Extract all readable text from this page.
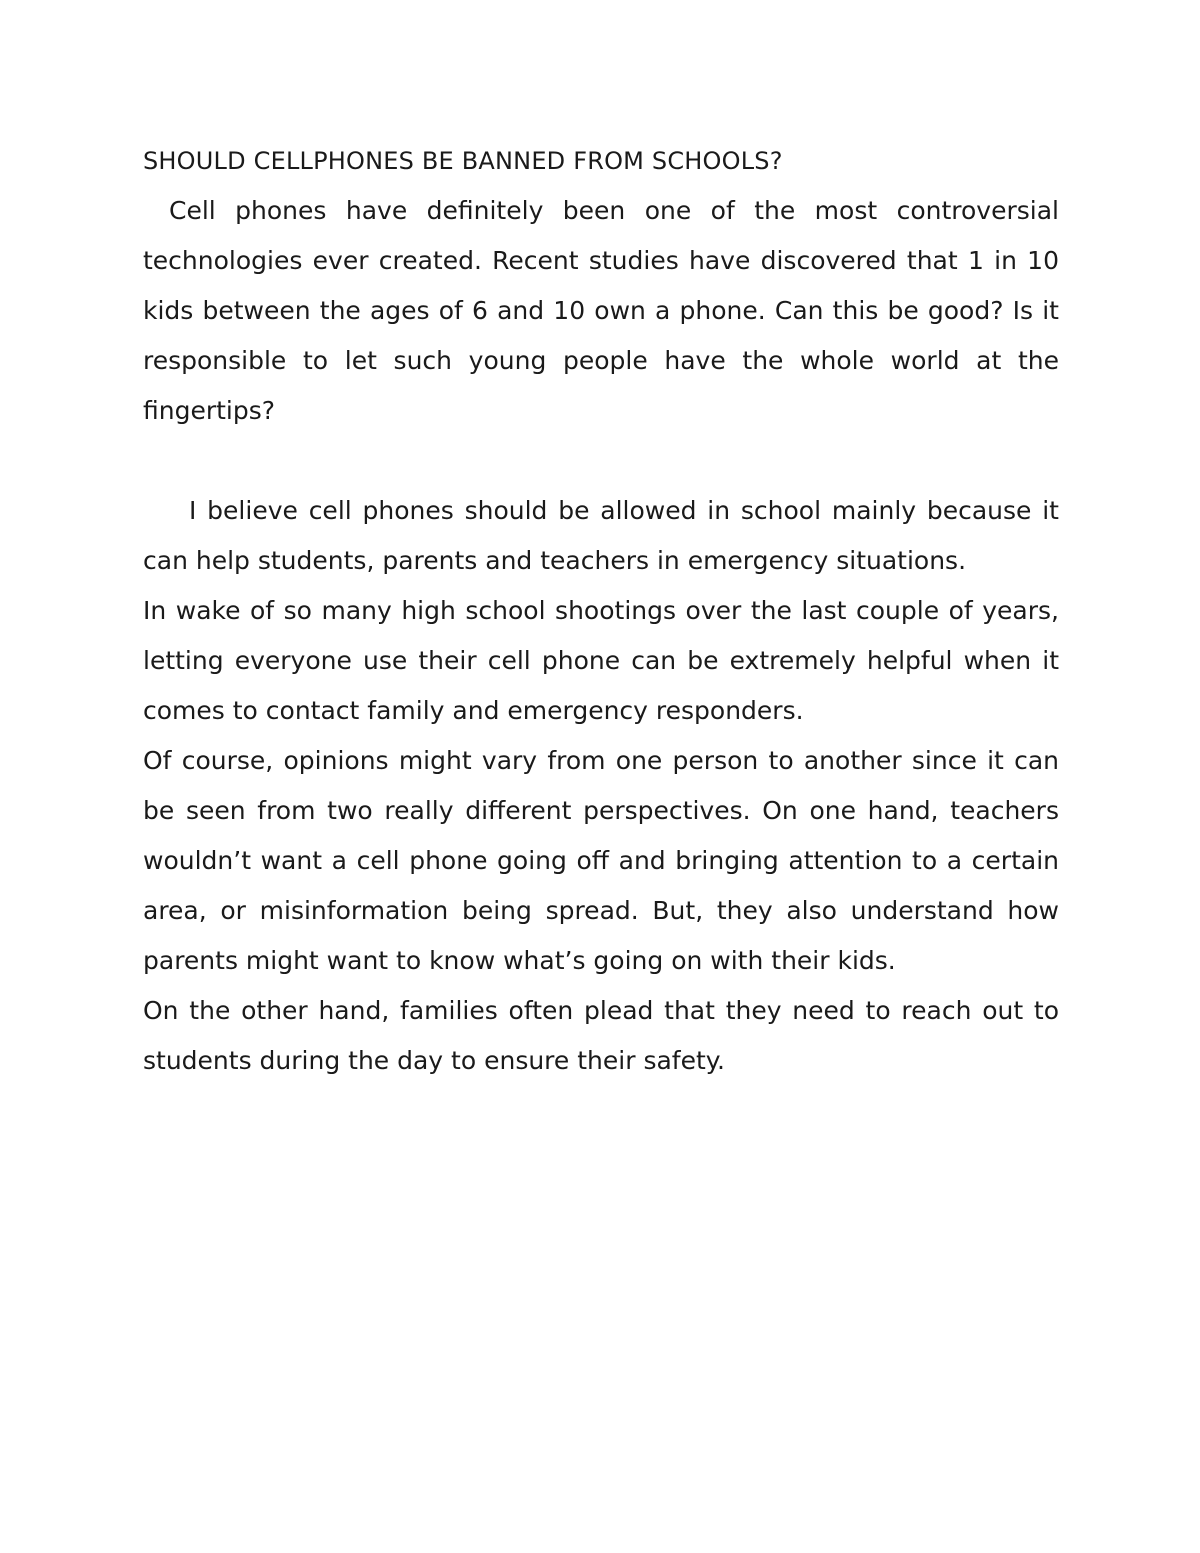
SHOULD CELLPHONES BE BANNED FROM SCHOOLS?

Cell phones have definitely been one of the most controversial technologies ever created. Recent studies have discovered that 1 in 10 kids between the ages of 6 and 10 own a phone. Can this be good? Is it responsible to let such young people have the whole world at the fingertips?

I believe cell phones should be allowed in school mainly because it can help students, parents and teachers in emergency situations.

In wake of so many high school shootings over the last couple of years, letting everyone use their cell phone can be extremely helpful when it comes to contact family and emergency responders.

Of course, opinions might vary from one person to another since it can be seen from two really different perspectives. On one hand, teachers wouldn’t want a cell phone going off and bringing attention to a certain area, or misinformation being spread. But, they also understand how parents might want to know what’s going on with their kids.

On the other hand, families often plead that they need to reach out to students during the day to ensure their safety.
